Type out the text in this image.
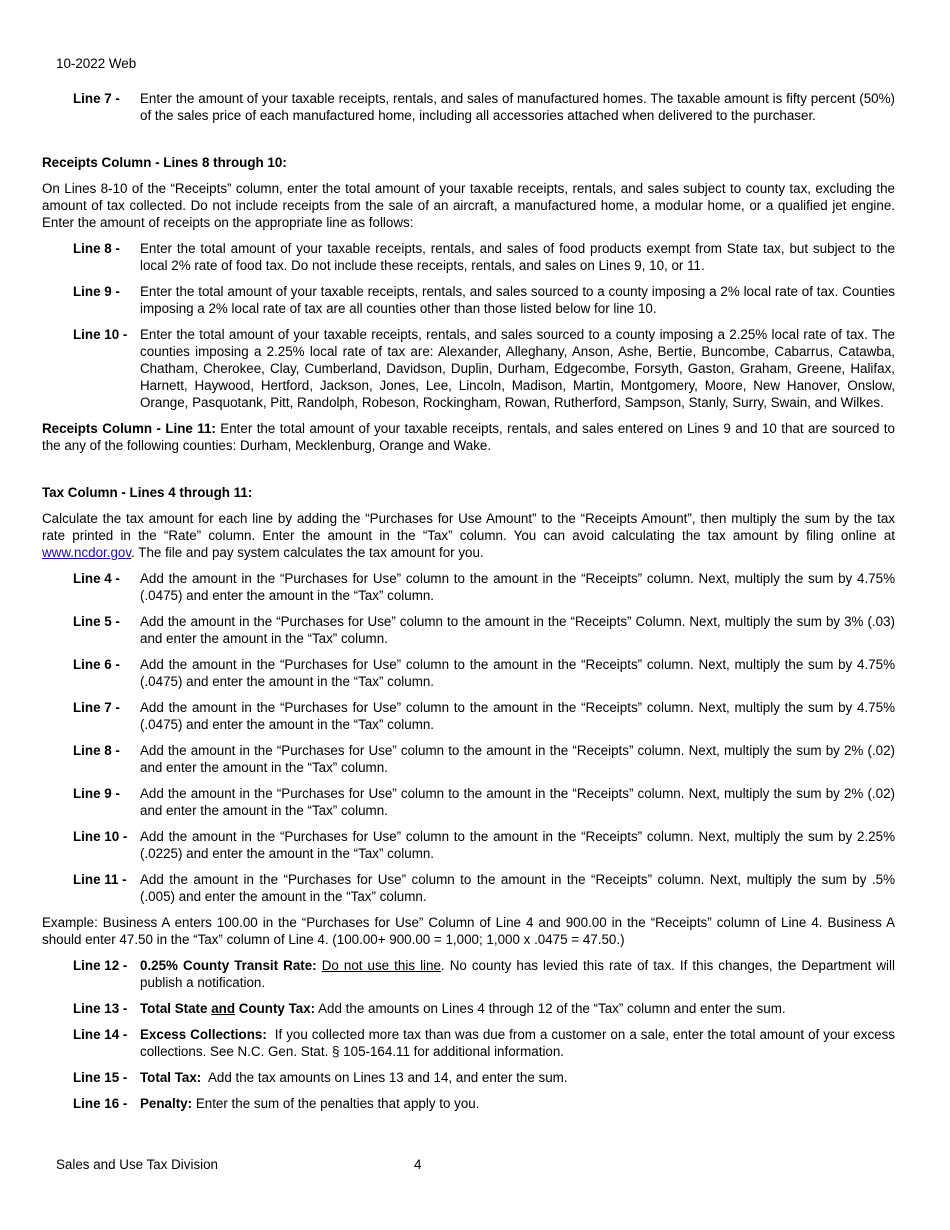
10-2022 Web
Line 7 -	Enter the amount of your taxable receipts, rentals, and sales of manufactured homes. The taxable amount is fifty percent (50%) of the sales price of each manufactured home, including all accessories attached when delivered to the purchaser.
Receipts Column - Lines 8 through 10:
On Lines 8-10 of the “Receipts” column, enter the total amount of your taxable receipts, rentals, and sales subject to county tax, excluding the amount of tax collected. Do not include receipts from the sale of an aircraft, a manufactured home, a modular home, or a qualified jet engine. Enter the amount of receipts on the appropriate line as follows:
Line 8 -	Enter the total amount of your taxable receipts, rentals, and sales of food products exempt from State tax, but subject to the local 2% rate of food tax. Do not include these receipts, rentals, and sales on Lines 9, 10, or 11.
Line 9 -	Enter the total amount of your taxable receipts, rentals, and sales sourced to a county imposing a 2% local rate of tax. Counties imposing a 2% local rate of tax are all counties other than those listed below for line 10.
Line 10 - Enter the total amount of your taxable receipts, rentals, and sales sourced to a county imposing a 2.25% local rate of tax. The counties imposing a 2.25% local rate of tax are: Alexander, Alleghany, Anson, Ashe, Bertie, Buncombe, Cabarrus, Catawba, Chatham, Cherokee, Clay, Cumberland, Davidson, Duplin, Durham, Edgecombe, Forsyth, Gaston, Graham, Greene, Halifax, Harnett, Haywood, Hertford, Jackson, Jones, Lee, Lincoln, Madison, Martin, Montgomery, Moore, New Hanover, Onslow, Orange, Pasquotank, Pitt, Randolph, Robeson, Rockingham, Rowan, Rutherford, Sampson, Stanly, Surry, Swain, and Wilkes.
Receipts Column - Line 11: Enter the total amount of your taxable receipts, rentals, and sales entered on Lines 9 and 10 that are sourced to the any of the following counties: Durham, Mecklenburg, Orange and Wake.
Tax Column - Lines 4 through 11:
Calculate the tax amount for each line by adding the “Purchases for Use Amount” to the “Receipts Amount”, then multiply the sum by the tax rate printed in the “Rate” column. Enter the amount in the “Tax” column. You can avoid calculating the tax amount by filing online at www.ncdor.gov. The file and pay system calculates the tax amount for you.
Line 4 -	Add the amount in the “Purchases for Use” column to the amount in the “Receipts” column. Next, multiply the sum by 4.75% (.0475) and enter the amount in the “Tax” column.
Line 5 -	Add the amount in the “Purchases for Use” column to the amount in the “Receipts” Column. Next, multiply the sum by 3% (.03) and enter the amount in the “Tax” column.
Line 6 -	Add the amount in the “Purchases for Use” column to the amount in the “Receipts” column. Next, multiply the sum by 4.75% (.0475) and enter the amount in the “Tax” column.
Line 7 -	Add the amount in the “Purchases for Use” column to the amount in the “Receipts” column. Next, multiply the sum by 4.75% (.0475) and enter the amount in the “Tax” column.
Line 8 -	Add the amount in the “Purchases for Use” column to the amount in the “Receipts” column. Next, multiply the sum by 2% (.02) and enter the amount in the “Tax” column.
Line 9 -	Add the amount in the “Purchases for Use” column to the amount in the “Receipts” column. Next, multiply the sum by 2% (.02) and enter the amount in the “Tax” column.
Line 10 - Add the amount in the “Purchases for Use” column to the amount in the “Receipts” column. Next, multiply the sum by 2.25% (.0225) and enter the amount in the “Tax” column.
Line 11 -	Add the amount in the “Purchases for Use” column to the amount in the “Receipts” column. Next, multiply the sum by .5% (.005) and enter the amount in the “Tax” column.
Example: Business A enters 100.00 in the “Purchases for Use” Column of Line 4 and 900.00 in the “Receipts” column of Line 4. Business A should enter 47.50 in the “Tax” column of Line 4. (100.00+ 900.00 = 1,000; 1,000 x .0475 = 47.50.)
Line 12 - 0.25% County Transit Rate: Do not use this line. No county has levied this rate of tax. If this changes, the Department will publish a notification.
Line 13 - Total State and County Tax: Add the amounts on Lines 4 through 12 of the “Tax” column and enter the sum.
Line 14 - Excess Collections: If you collected more tax than was due from a customer on a sale, enter the total amount of your excess collections. See N.C. Gen. Stat. § 105-164.11 for additional information.
Line 15 - Total Tax: Add the tax amounts on Lines 13 and 14, and enter the sum.
Line 16 - Penalty: Enter the sum of the penalties that apply to you.
Sales and Use Tax Division	4
